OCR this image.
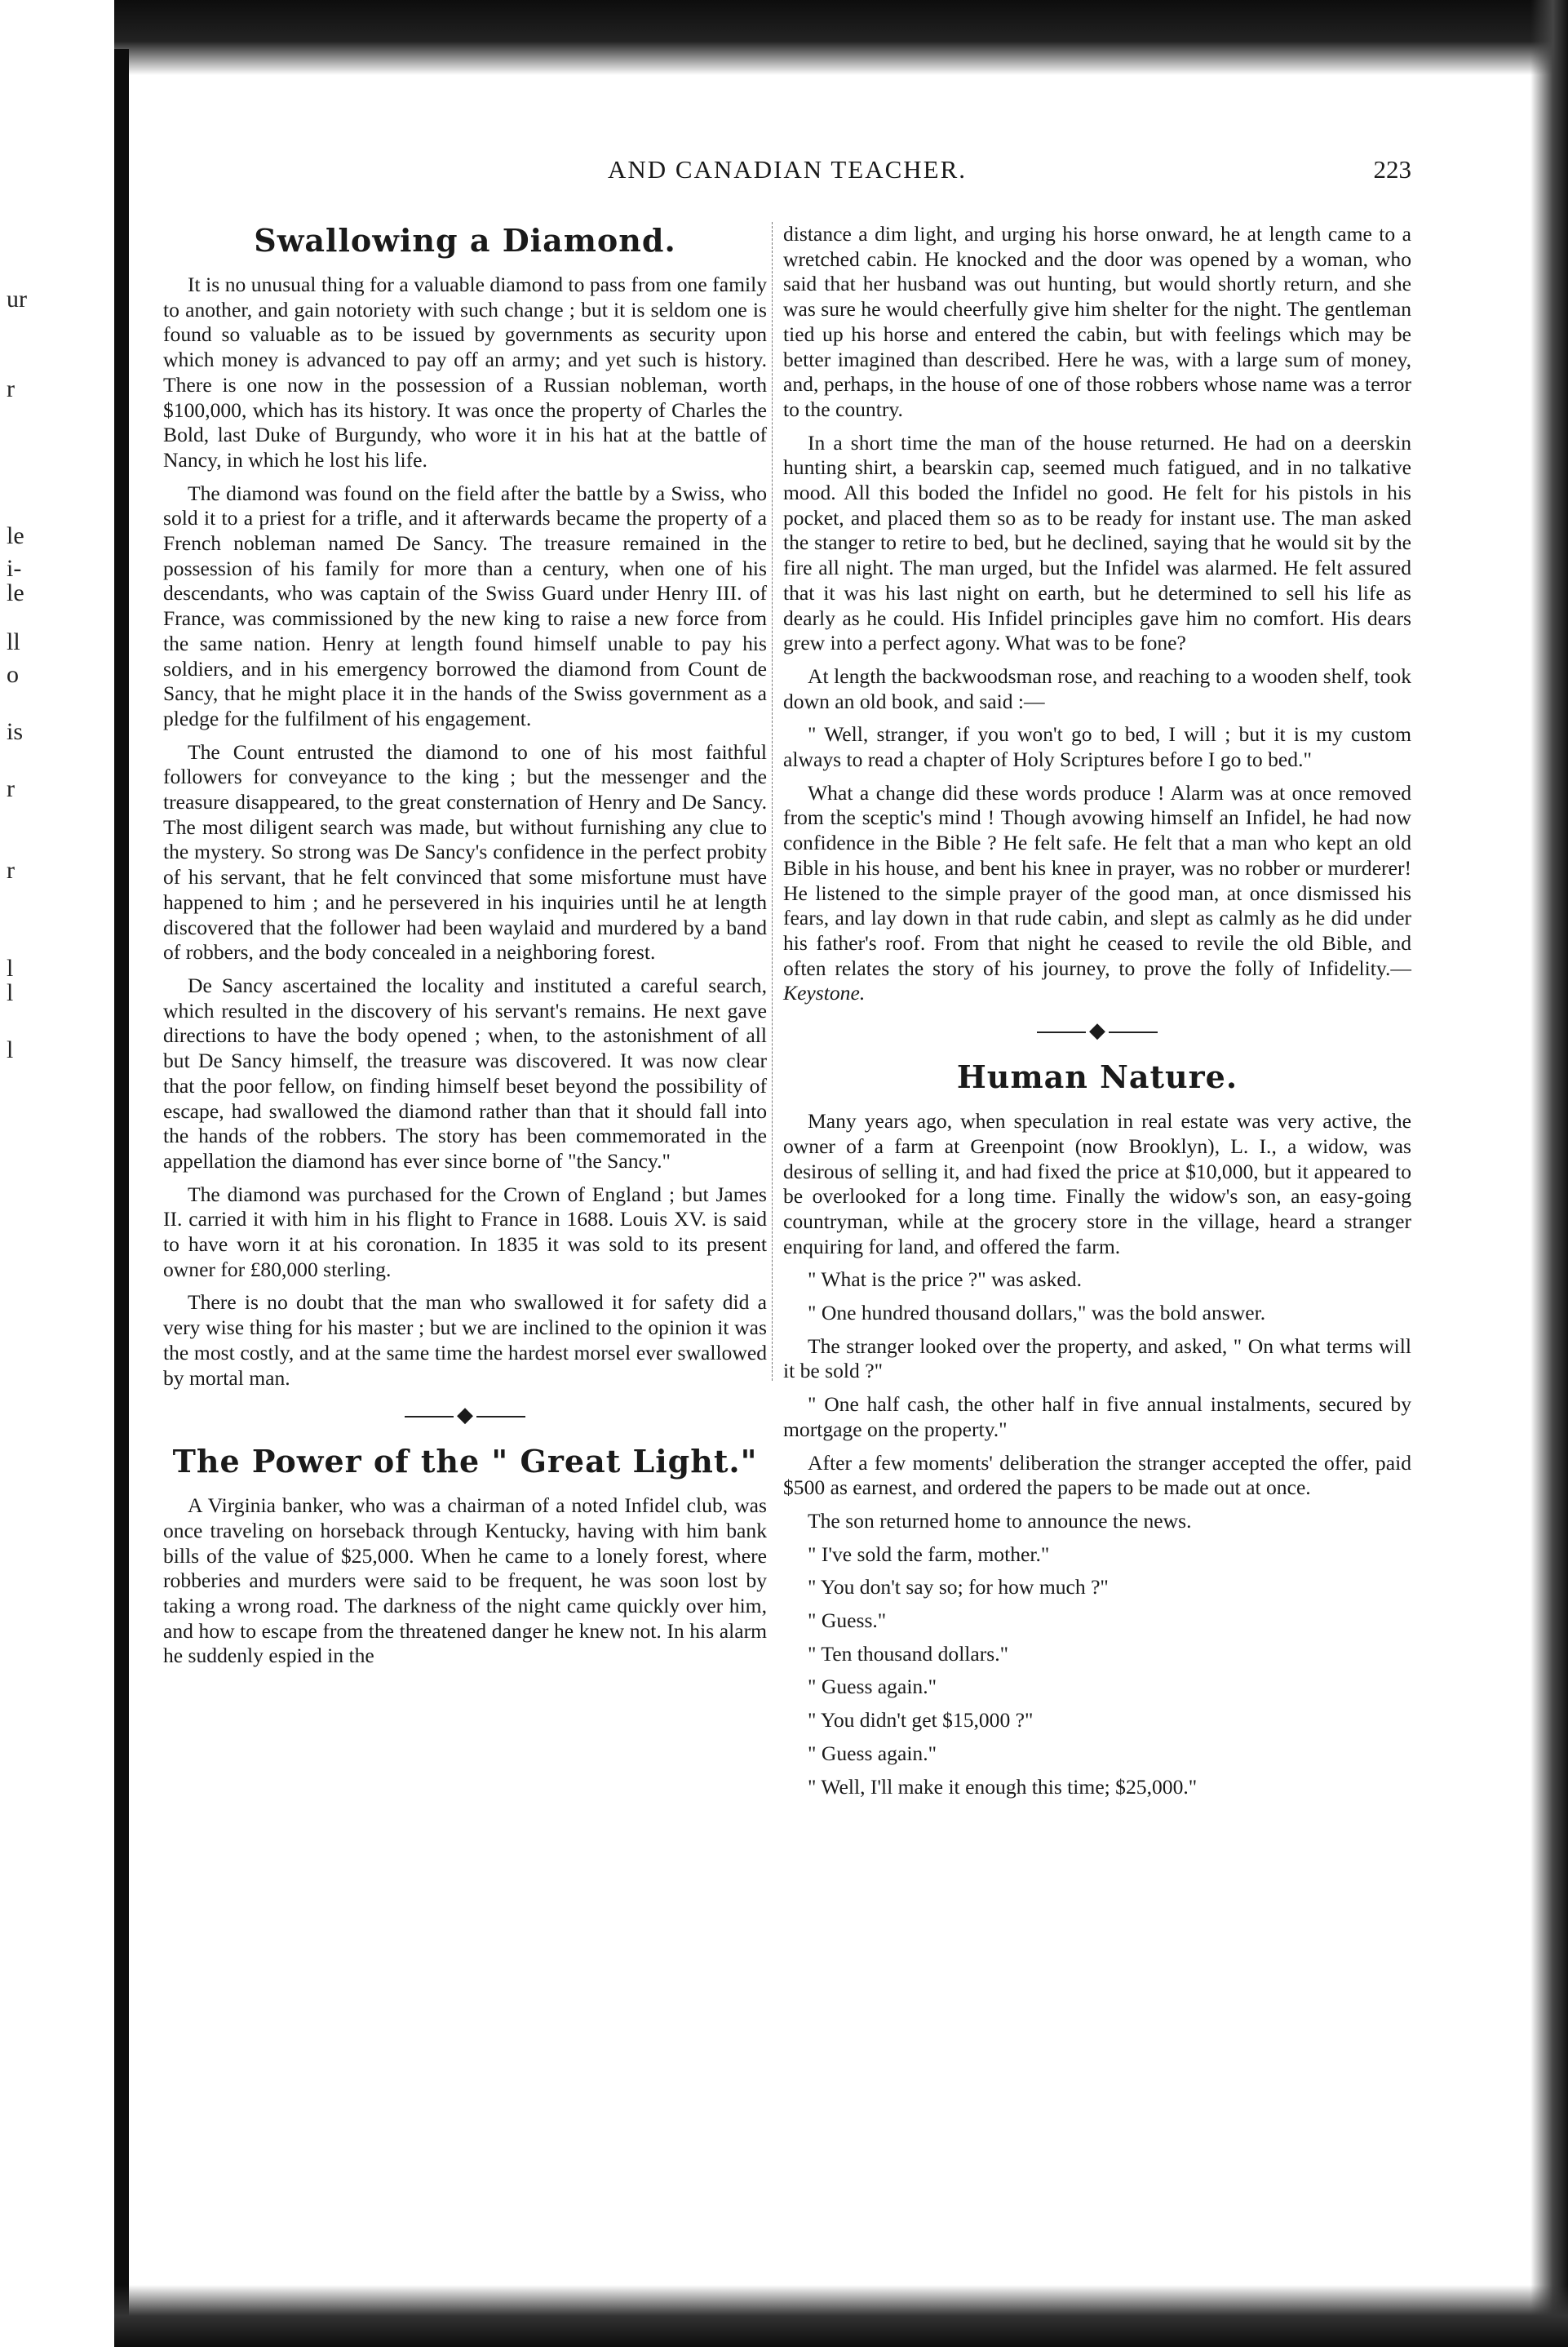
ur
r
le
i-
le
ll
o
is
r
r
l
l
l
AND CANADIAN TEACHER.	223
Swallowing a Diamond.

It is no unusual thing for a valuable diamond to pass from one family to another, and gain notoriety with such change ; but it is seldom one is found so valuable as to be issued by governments as security upon which money is advanced to pay off an army; and yet such is history. There is one now in the possession of a Russian nobleman, worth $100,000, which has its history. It was once the property of Charles the Bold, last Duke of Burgundy, who wore it in his hat at the battle of Nancy, in which he lost his life.

The diamond was found on the field after the battle by a Swiss, who sold it to a priest for a trifle, and it afterwards became the property of a French nobleman named De Sancy. The treasure remained in the possession of his family for more than a century, when one of his descendants, who was captain of the Swiss Guard under Henry III. of France, was commissioned by the new king to raise a new force from the same nation. Henry at length found himself unable to pay his soldiers, and in his emergency borrowed the diamond from Count de Sancy, that he might place it in the hands of the Swiss government as a pledge for the fulfilment of his engagement.

The Count entrusted the diamond to one of his most faithful followers for conveyance to the king ; but the messenger and the treasure disappeared, to the great consternation of Henry and De Sancy. The most diligent search was made, but without furnishing any clue to the mystery. So strong was De Sancy's confidence in the perfect probity of his servant, that he felt convinced that some misfortune must have happened to him ; and he persevered in his inquiries until he at length discovered that the follower had been waylaid and murdered by a band of robbers, and the body concealed in a neighboring forest.

De Sancy ascertained the locality and instituted a careful search, which resulted in the discovery of his servant's remains. He next gave directions to have the body opened ; when, to the astonishment of all but De Sancy himself, the treasure was discovered. It was now clear that the poor fellow, on finding himself beset beyond the possibility of escape, had swallowed the diamond rather than that it should fall into the hands of the robbers. The story has been commemorated in the appellation the diamond has ever since borne of "the Sancy."

The diamond was purchased for the Crown of England ; but James II. carried it with him in his flight to France in 1688. Louis XV. is said to have worn it at his coronation. In 1835 it was sold to its present owner for £80,000 sterling.

There is no doubt that the man who swallowed it for safety did a very wise thing for his master ; but we are inclined to the opinion it was the most costly, and at the same time the hardest morsel ever swallowed by mortal man.

◆
The Power of the " Great Light."

A Virginia banker, who was a chairman of a noted Infidel club, was once traveling on horseback through Kentucky, having with him bank bills of the value of $25,000. When he came to a lonely forest, where robberies and murders were said to be frequent, he was soon lost by taking a wrong road. The darkness of the night came quickly over him, and how to escape from the threatened danger he knew not. In his alarm he suddenly espied in the

distance a dim light, and urging his horse onward, he at length came to a wretched cabin. He knocked and the door was opened by a woman, who said that her husband was out hunting, but would shortly return, and she was sure he would cheerfully give him shelter for the night. The gentleman tied up his horse and entered the cabin, but with feelings which may be better imagined than described. Here he was, with a large sum of money, and, perhaps, in the house of one of those robbers whose name was a terror to the country.

In a short time the man of the house returned. He had on a deerskin hunting shirt, a bearskin cap, seemed much fatigued, and in no talkative mood. All this boded the Infidel no good. He felt for his pistols in his pocket, and placed them so as to be ready for instant use. The man asked the stanger to retire to bed, but he declined, saying that he would sit by the fire all night. The man urged, but the Infidel was alarmed. He felt assured that it was his last night on earth, but he determined to sell his life as dearly as he could. His Infidel principles gave him no comfort. His dears grew into a perfect agony. What was to be fone?

At length the backwoodsman rose, and reaching to a wooden shelf, took down an old book, and said :—

" Well, stranger, if you won't go to bed, I will ; but it is my custom always to read a chapter of Holy Scriptures before I go to bed."

What a change did these words produce ! Alarm was at once removed from the sceptic's mind ! Though avowing himself an Infidel, he had now confidence in the Bible ? He felt safe. He felt that a man who kept an old Bible in his house, and bent his knee in prayer, was no robber or murderer! He listened to the simple prayer of the good man, at once dismissed his fears, and lay down in that rude cabin, and slept as calmly as he did under his father's roof. From that night he ceased to revile the old Bible, and often relates the story of his journey, to prove the folly of Infidelity.—Keystone.

◆
Human Nature.

Many years ago, when speculation in real estate was very active, the owner of a farm at Greenpoint (now Brooklyn), L. I., a widow, was desirous of selling it, and had fixed the price at $10,000, but it appeared to be overlooked for a long time. Finally the widow's son, an easy-going countryman, while at the grocery store in the village, heard a stranger enquiring for land, and offered the farm.

" What is the price ?" was asked.

" One hundred thousand dollars," was the bold answer.

The stranger looked over the property, and asked, " On what terms will it be sold ?"

" One half cash, the other half in five annual instalments, secured by mortgage on the property."

After a few moments' deliberation the stranger accepted the offer, paid $500 as earnest, and ordered the papers to be made out at once.

The son returned home to announce the news.

" I've sold the farm, mother."

" You don't say so; for how much ?"

" Guess."

" Ten thousand dollars."

" Guess again."

" You didn't get $15,000 ?"

" Guess again."

" Well, I'll make it enough this time; $25,000."
